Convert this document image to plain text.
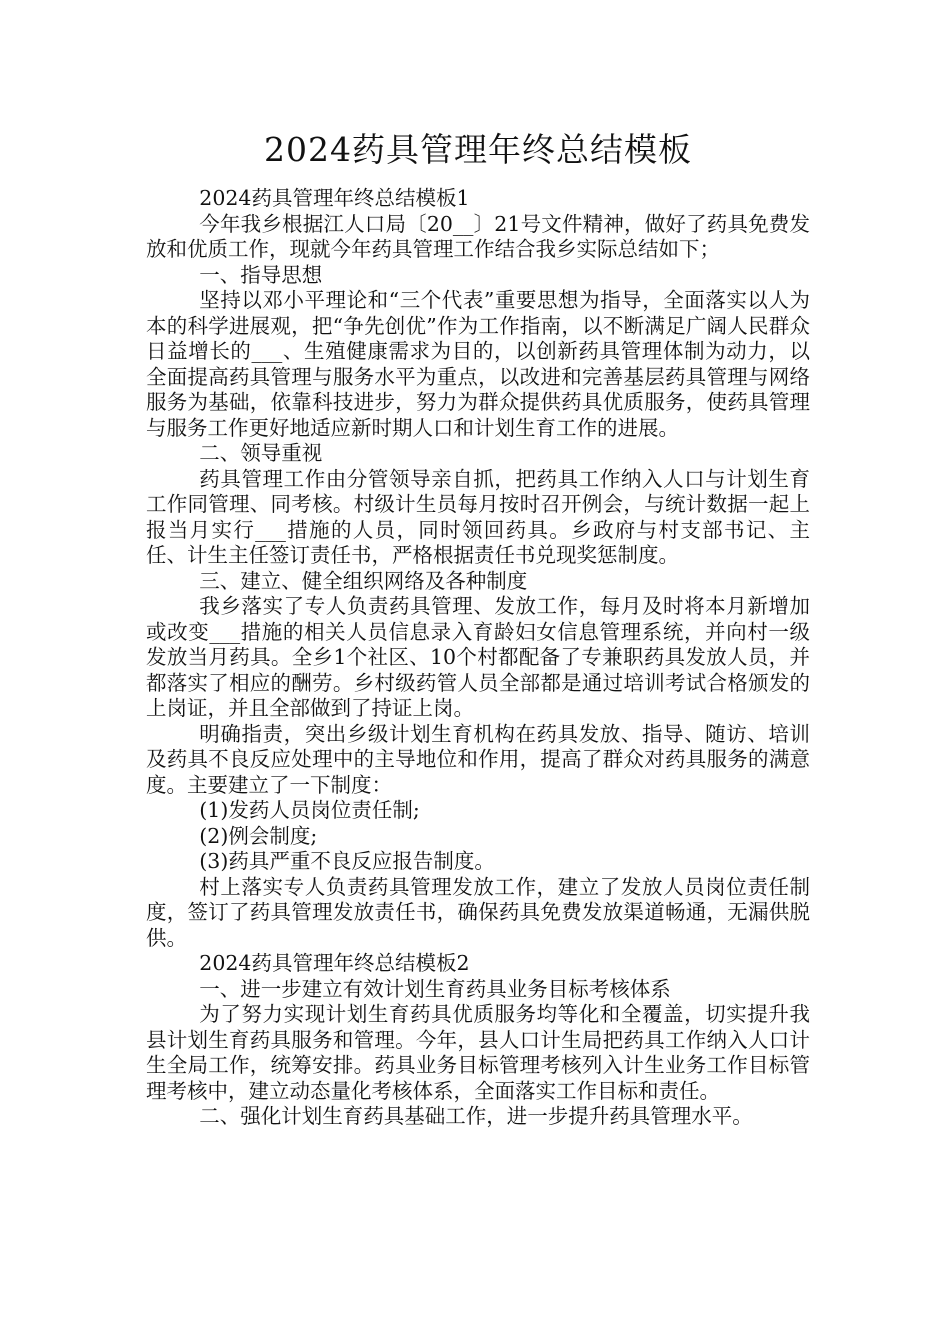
2024药具管理年终总结模板

2024药具管理年终总结模板1

今年我乡根据江人口局〔20__〕21号文件精神，做好了药具免费发放和优质工作，现就今年药具管理工作结合我乡实际总结如下；

一、指导思想

坚持以邓小平理论和“三个代表”重要思想为指导，全面落实以人为本的科学进展观，把“争先创优”作为工作指南，以不断满足广阔人民群众日益增长的___、生殖健康需求为目的，以创新药具管理体制为动力，以全面提高药具管理与服务水平为重点，以改进和完善基层药具管理与网络服务为基础，依靠科技进步，努力为群众提供药具优质服务，使药具管理与服务工作更好地适应新时期人口和计划生育工作的进展。

二、领导重视

药具管理工作由分管领导亲自抓，把药具工作纳入人口与计划生育工作同管理、同考核。村级计生员每月按时召开例会，与统计数据一起上报当月实行___措施的人员，同时领回药具。乡政府与村支部书记、主任、计生主任签订责任书，严格根据责任书兑现奖惩制度。

三、建立、健全组织网络及各种制度

我乡落实了专人负责药具管理、发放工作，每月及时将本月新增加或改变___措施的相关人员信息录入育龄妇女信息管理系统，并向村一级发放当月药具。全乡1个社区、10个村都配备了专兼职药具发放人员，并都落实了相应的酬劳。乡村级药管人员全部都是通过培训考试合格颁发的上岗证，并且全部做到了持证上岗。

明确指责，突出乡级计划生育机构在药具发放、指导、随访、培训及药具不良反应处理中的主导地位和作用，提高了群众对药具服务的满意度。主要建立了一下制度：

(1)发药人员岗位责任制;

(2)例会制度;

(3)药具严重不良反应报告制度。

村上落实专人负责药具管理发放工作，建立了发放人员岗位责任制度，签订了药具管理发放责任书，确保药具免费发放渠道畅通，无漏供脱供。

2024药具管理年终总结模板2

一、进一步建立有效计划生育药具业务目标考核体系

为了努力实现计划生育药具优质服务均等化和全覆盖，切实提升我县计划生育药具服务和管理。今年，县人口计生局把药具工作纳入人口计生全局工作，统筹安排。药具业务目标管理考核列入计生业务工作目标管理考核中，建立动态量化考核体系，全面落实工作目标和责任。

二、强化计划生育药具基础工作，进一步提升药具管理水平。
